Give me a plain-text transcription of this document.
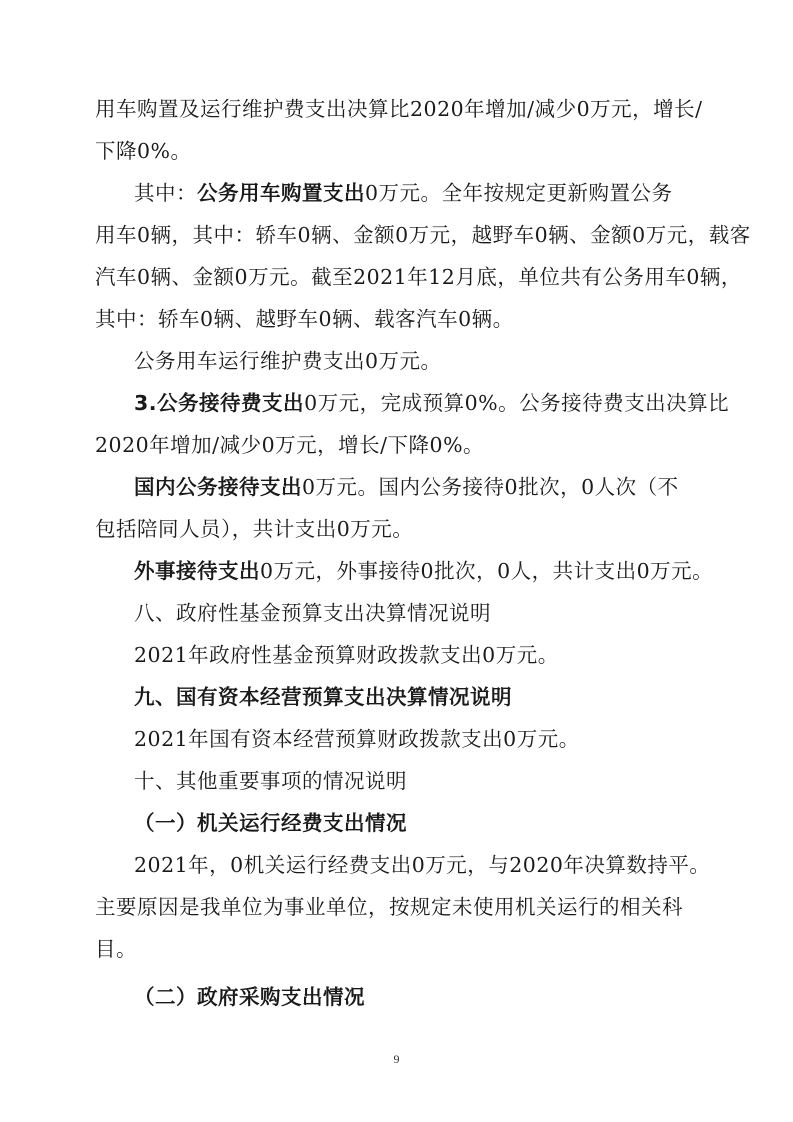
用车购置及运行维护费支出决算比2020年增加/减少0万元，增长/
下降0%。
其中：公务用车购置支出0万元。全年按规定更新购置公务
用车0辆，其中：轿车0辆、金额0万元，越野车0辆、金额0万元，载客
汽车0辆、金额0万元。截至2021年12月底，单位共有公务用车0辆，
其中：轿车0辆、越野车0辆、载客汽车0辆。
公务用车运行维护费支出0万元。
3.公务接待费支出0万元，完成预算0%。公务接待费支出决算比
2020年增加/减少0万元，增长/下降0%。
国内公务接待支出0万元。国内公务接待0批次，0人次（不
包括陪同人员），共计支出0万元。
外事接待支出0万元，外事接待0批次，0人，共计支出0万元。
八、政府性基金预算支出决算情况说明
2021年政府性基金预算财政拨款支出0万元。
九、国有资本经营预算支出决算情况说明
2021年国有资本经营预算财政拨款支出0万元。
十、其他重要事项的情况说明
（一）机关运行经费支出情况
2021年，0机关运行经费支出0万元，与2020年决算数持平。
主要原因是我单位为事业单位，按规定未使用机关运行的相关科
目。
（二）政府采购支出情况
9
